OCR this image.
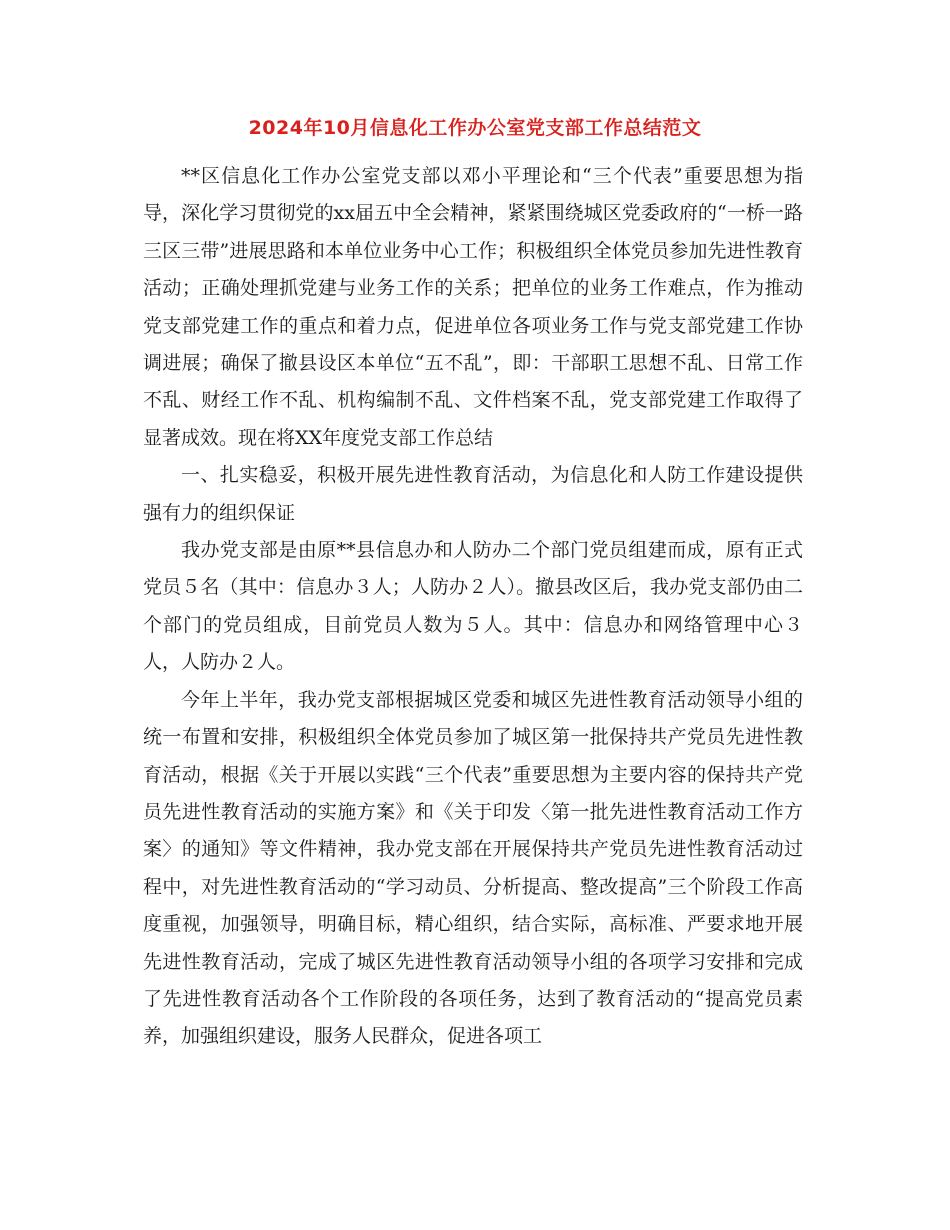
2024年10月信息化工作办公室党支部工作总结范文

**区信息化工作办公室党支部以邓小平理论和“三个代表”重要思想为指导，深化学习贯彻党的xx届五中全会精神，紧紧围绕城区党委政府的“一桥一路三区三带”进展思路和本单位业务中心工作；积极组织全体党员参加先进性教育活动；正确处理抓党建与业务工作的关系；把单位的业务工作难点，作为推动党支部党建工作的重点和着力点，促进单位各项业务工作与党支部党建工作协调进展；确保了撤县设区本单位“五不乱”，即：干部职工思想不乱、日常工作不乱、财经工作不乱、机构编制不乱、文件档案不乱，党支部党建工作取得了显著成效。现在将XX年度党支部工作总结

一、扎实稳妥，积极开展先进性教育活动，为信息化和人防工作建设提供强有力的组织保证

我办党支部是由原**县信息办和人防办二个部门党员组建而成，原有正式党员５名（其中：信息办３人；人防办２人）。撤县改区后，我办党支部仍由二个部门的党员组成，目前党员人数为５人。其中：信息办和网络管理中心３人，人防办２人。

今年上半年，我办党支部根据城区党委和城区先进性教育活动领导小组的统一布置和安排，积极组织全体党员参加了城区第一批保持共产党员先进性教育活动，根据《关于开展以实践“三个代表”重要思想为主要内容的保持共产党员先进性教育活动的实施方案》和《关于印发〈第一批先进性教育活动工作方案〉的通知》等文件精神，我办党支部在开展保持共产党员先进性教育活动过程中，对先进性教育活动的“学习动员、分析提高、整改提高”三个阶段工作高度重视，加强领导，明确目标，精心组织，结合实际，高标准、严要求地开展先进性教育活动，完成了城区先进性教育活动领导小组的各项学习安排和完成了先进性教育活动各个工作阶段的各项任务，达到了教育活动的“提高党员素养，加强组织建设，服务人民群众，促进各项工
